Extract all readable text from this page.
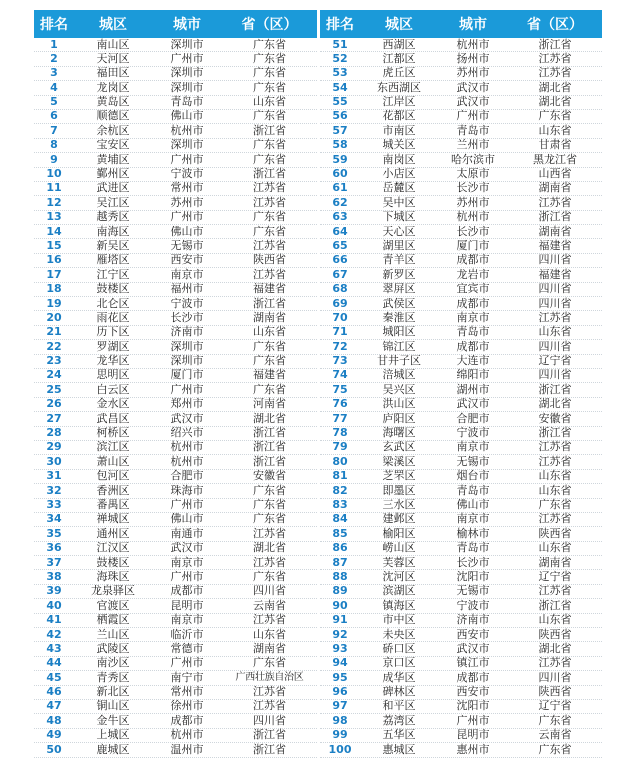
排名	城区	城市	省（区）
1	南山区	深圳市	广东省
2	天河区	广州市	广东省
3	福田区	深圳市	广东省
4	龙岗区	深圳市	广东省
5	黄岛区	青岛市	山东省
6	顺德区	佛山市	广东省
7	余杭区	杭州市	浙江省
8	宝安区	深圳市	广东省
9	黄埔区	广州市	广东省
10	鄞州区	宁波市	浙江省
11	武进区	常州市	江苏省
12	吴江区	苏州市	江苏省
13	越秀区	广州市	广东省
14	南海区	佛山市	广东省
15	新吴区	无锡市	江苏省
16	雁塔区	西安市	陕西省
17	江宁区	南京市	江苏省
18	鼓楼区	福州市	福建省
19	北仑区	宁波市	浙江省
20	雨花区	长沙市	湖南省
21	历下区	济南市	山东省
22	罗湖区	深圳市	广东省
23	龙华区	深圳市	广东省
24	思明区	厦门市	福建省
25	白云区	广州市	广东省
26	金水区	郑州市	河南省
27	武昌区	武汉市	湖北省
28	柯桥区	绍兴市	浙江省
29	滨江区	杭州市	浙江省
30	萧山区	杭州市	浙江省
31	包河区	合肥市	安徽省
32	香洲区	珠海市	广东省
33	番禺区	广州市	广东省
34	禅城区	佛山市	广东省
35	通州区	南通市	江苏省
36	江汉区	武汉市	湖北省
37	鼓楼区	南京市	江苏省
38	海珠区	广州市	广东省
39	龙泉驿区	成都市	四川省
40	官渡区	昆明市	云南省
41	栖霞区	南京市	江苏省
42	兰山区	临沂市	山东省
43	武陵区	常德市	湖南省
44	南沙区	广州市	广东省
45	青秀区	南宁市	广西壮族自治区
46	新北区	常州市	江苏省
47	铜山区	徐州市	江苏省
48	金牛区	成都市	四川省
49	上城区	杭州市	浙江省
50	鹿城区	温州市	浙江省
排名	城区	城市	省（区）
51	西湖区	杭州市	浙江省
52	江都区	扬州市	江苏省
53	虎丘区	苏州市	江苏省
54	东西湖区	武汉市	湖北省
55	江岸区	武汉市	湖北省
56	花都区	广州市	广东省
57	市南区	青岛市	山东省
58	城关区	兰州市	甘肃省
59	南岗区	哈尔滨市	黑龙江省
60	小店区	太原市	山西省
61	岳麓区	长沙市	湖南省
62	吴中区	苏州市	江苏省
63	下城区	杭州市	浙江省
64	天心区	长沙市	湖南省
65	湖里区	厦门市	福建省
66	青羊区	成都市	四川省
67	新罗区	龙岩市	福建省
68	翠屏区	宜宾市	四川省
69	武侯区	成都市	四川省
70	秦淮区	南京市	江苏省
71	城阳区	青岛市	山东省
72	锦江区	成都市	四川省
73	甘井子区	大连市	辽宁省
74	涪城区	绵阳市	四川省
75	吴兴区	湖州市	浙江省
76	洪山区	武汉市	湖北省
77	庐阳区	合肥市	安徽省
78	海曙区	宁波市	浙江省
79	玄武区	南京市	江苏省
80	梁溪区	无锡市	江苏省
81	芝罘区	烟台市	山东省
82	即墨区	青岛市	山东省
83	三水区	佛山市	广东省
84	建邺区	南京市	江苏省
85	榆阳区	榆林市	陕西省
86	崂山区	青岛市	山东省
87	芙蓉区	长沙市	湖南省
88	沈河区	沈阳市	辽宁省
89	滨湖区	无锡市	江苏省
90	镇海区	宁波市	浙江省
91	市中区	济南市	山东省
92	未央区	西安市	陕西省
93	硚口区	武汉市	湖北省
94	京口区	镇江市	江苏省
95	成华区	成都市	四川省
96	碑林区	西安市	陕西省
97	和平区	沈阳市	辽宁省
98	荔湾区	广州市	广东省
99	五华区	昆明市	云南省
100	惠城区	惠州市	广东省
